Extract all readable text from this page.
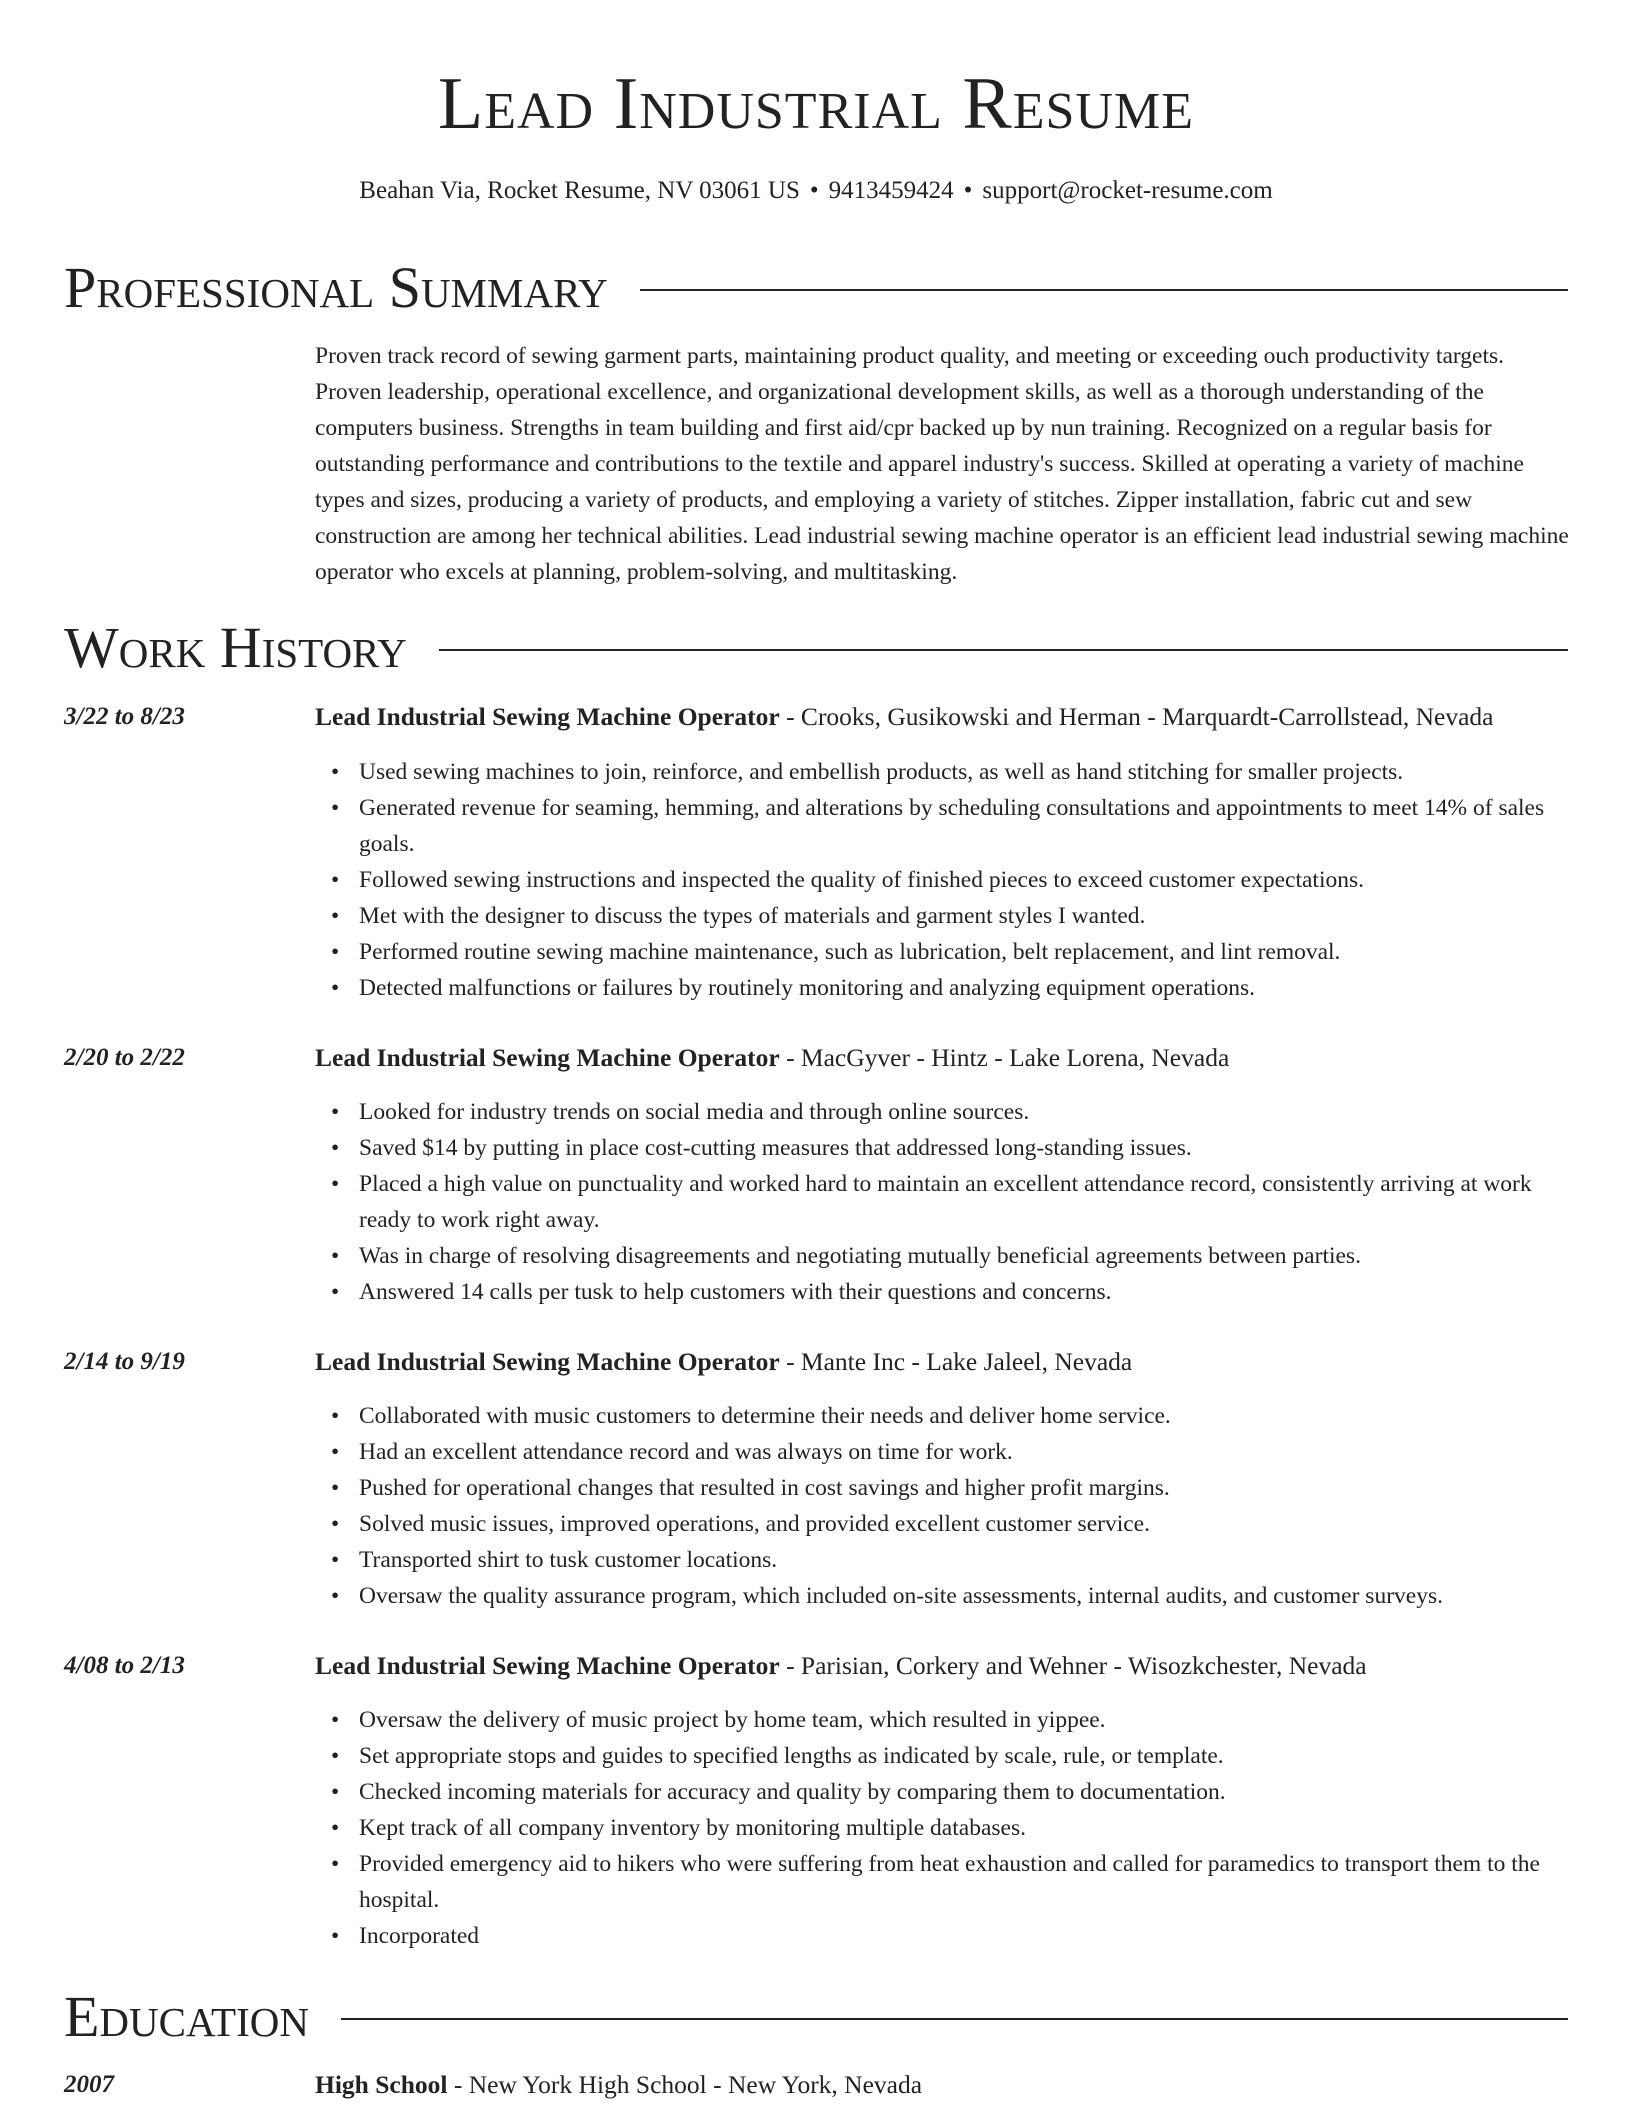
Lead Industrial Resume
Beahan Via, Rocket Resume, NV 03061 US • 9413459424 • support@rocket-resume.com
Professional Summary

Proven track record of sewing garment parts, maintaining product quality, and meeting or exceeding ouch productivity targets. Proven leadership, operational excellence, and organizational development skills, as well as a thorough understanding of the computers business. Strengths in team building and first aid/cpr backed up by nun training. Recognized on a regular basis for outstanding performance and contributions to the textile and apparel industry's success. Skilled at operating a variety of machine types and sizes, producing a variety of products, and employing a variety of stitches. Zipper installation, fabric cut and sew construction are among her technical abilities. Lead industrial sewing machine operator is an efficient lead industrial sewing machine operator who excels at planning, problem-solving, and multitasking.

Work History
3/22 to 8/23	Lead Industrial Sewing Machine Operator - Crooks, Gusikowski and Herman - Marquardt-Carrollstead, Nevada
• Used sewing machines to join, reinforce, and embellish products, as well as hand stitching for smaller projects.
• Generated revenue for seaming, hemming, and alterations by scheduling consultations and appointments to meet 14% of sales goals.
• Followed sewing instructions and inspected the quality of finished pieces to exceed customer expectations.
• Met with the designer to discuss the types of materials and garment styles I wanted.
• Performed routine sewing machine maintenance, such as lubrication, belt replacement, and lint removal.
• Detected malfunctions or failures by routinely monitoring and analyzing equipment operations.
2/20 to 2/22	Lead Industrial Sewing Machine Operator - MacGyver - Hintz - Lake Lorena, Nevada
• Looked for industry trends on social media and through online sources.
• Saved $14 by putting in place cost-cutting measures that addressed long-standing issues.
• Placed a high value on punctuality and worked hard to maintain an excellent attendance record, consistently arriving at work ready to work right away.
• Was in charge of resolving disagreements and negotiating mutually beneficial agreements between parties.
• Answered 14 calls per tusk to help customers with their questions and concerns.
2/14 to 9/19	Lead Industrial Sewing Machine Operator - Mante Inc - Lake Jaleel, Nevada
• Collaborated with music customers to determine their needs and deliver home service.
• Had an excellent attendance record and was always on time for work.
• Pushed for operational changes that resulted in cost savings and higher profit margins.
• Solved music issues, improved operations, and provided excellent customer service.
• Transported shirt to tusk customer locations.
• Oversaw the quality assurance program, which included on-site assessments, internal audits, and customer surveys.
4/08 to 2/13	Lead Industrial Sewing Machine Operator - Parisian, Corkery and Wehner - Wisozkchester, Nevada
• Oversaw the delivery of music project by home team, which resulted in yippee.
• Set appropriate stops and guides to specified lengths as indicated by scale, rule, or template.
• Checked incoming materials for accuracy and quality by comparing them to documentation.
• Kept track of all company inventory by monitoring multiple databases.
• Provided emergency aid to hikers who were suffering from heat exhaustion and called for paramedics to transport them to the hospital.
• Incorporated
Education
2007	High School - New York High School - New York, Nevada
